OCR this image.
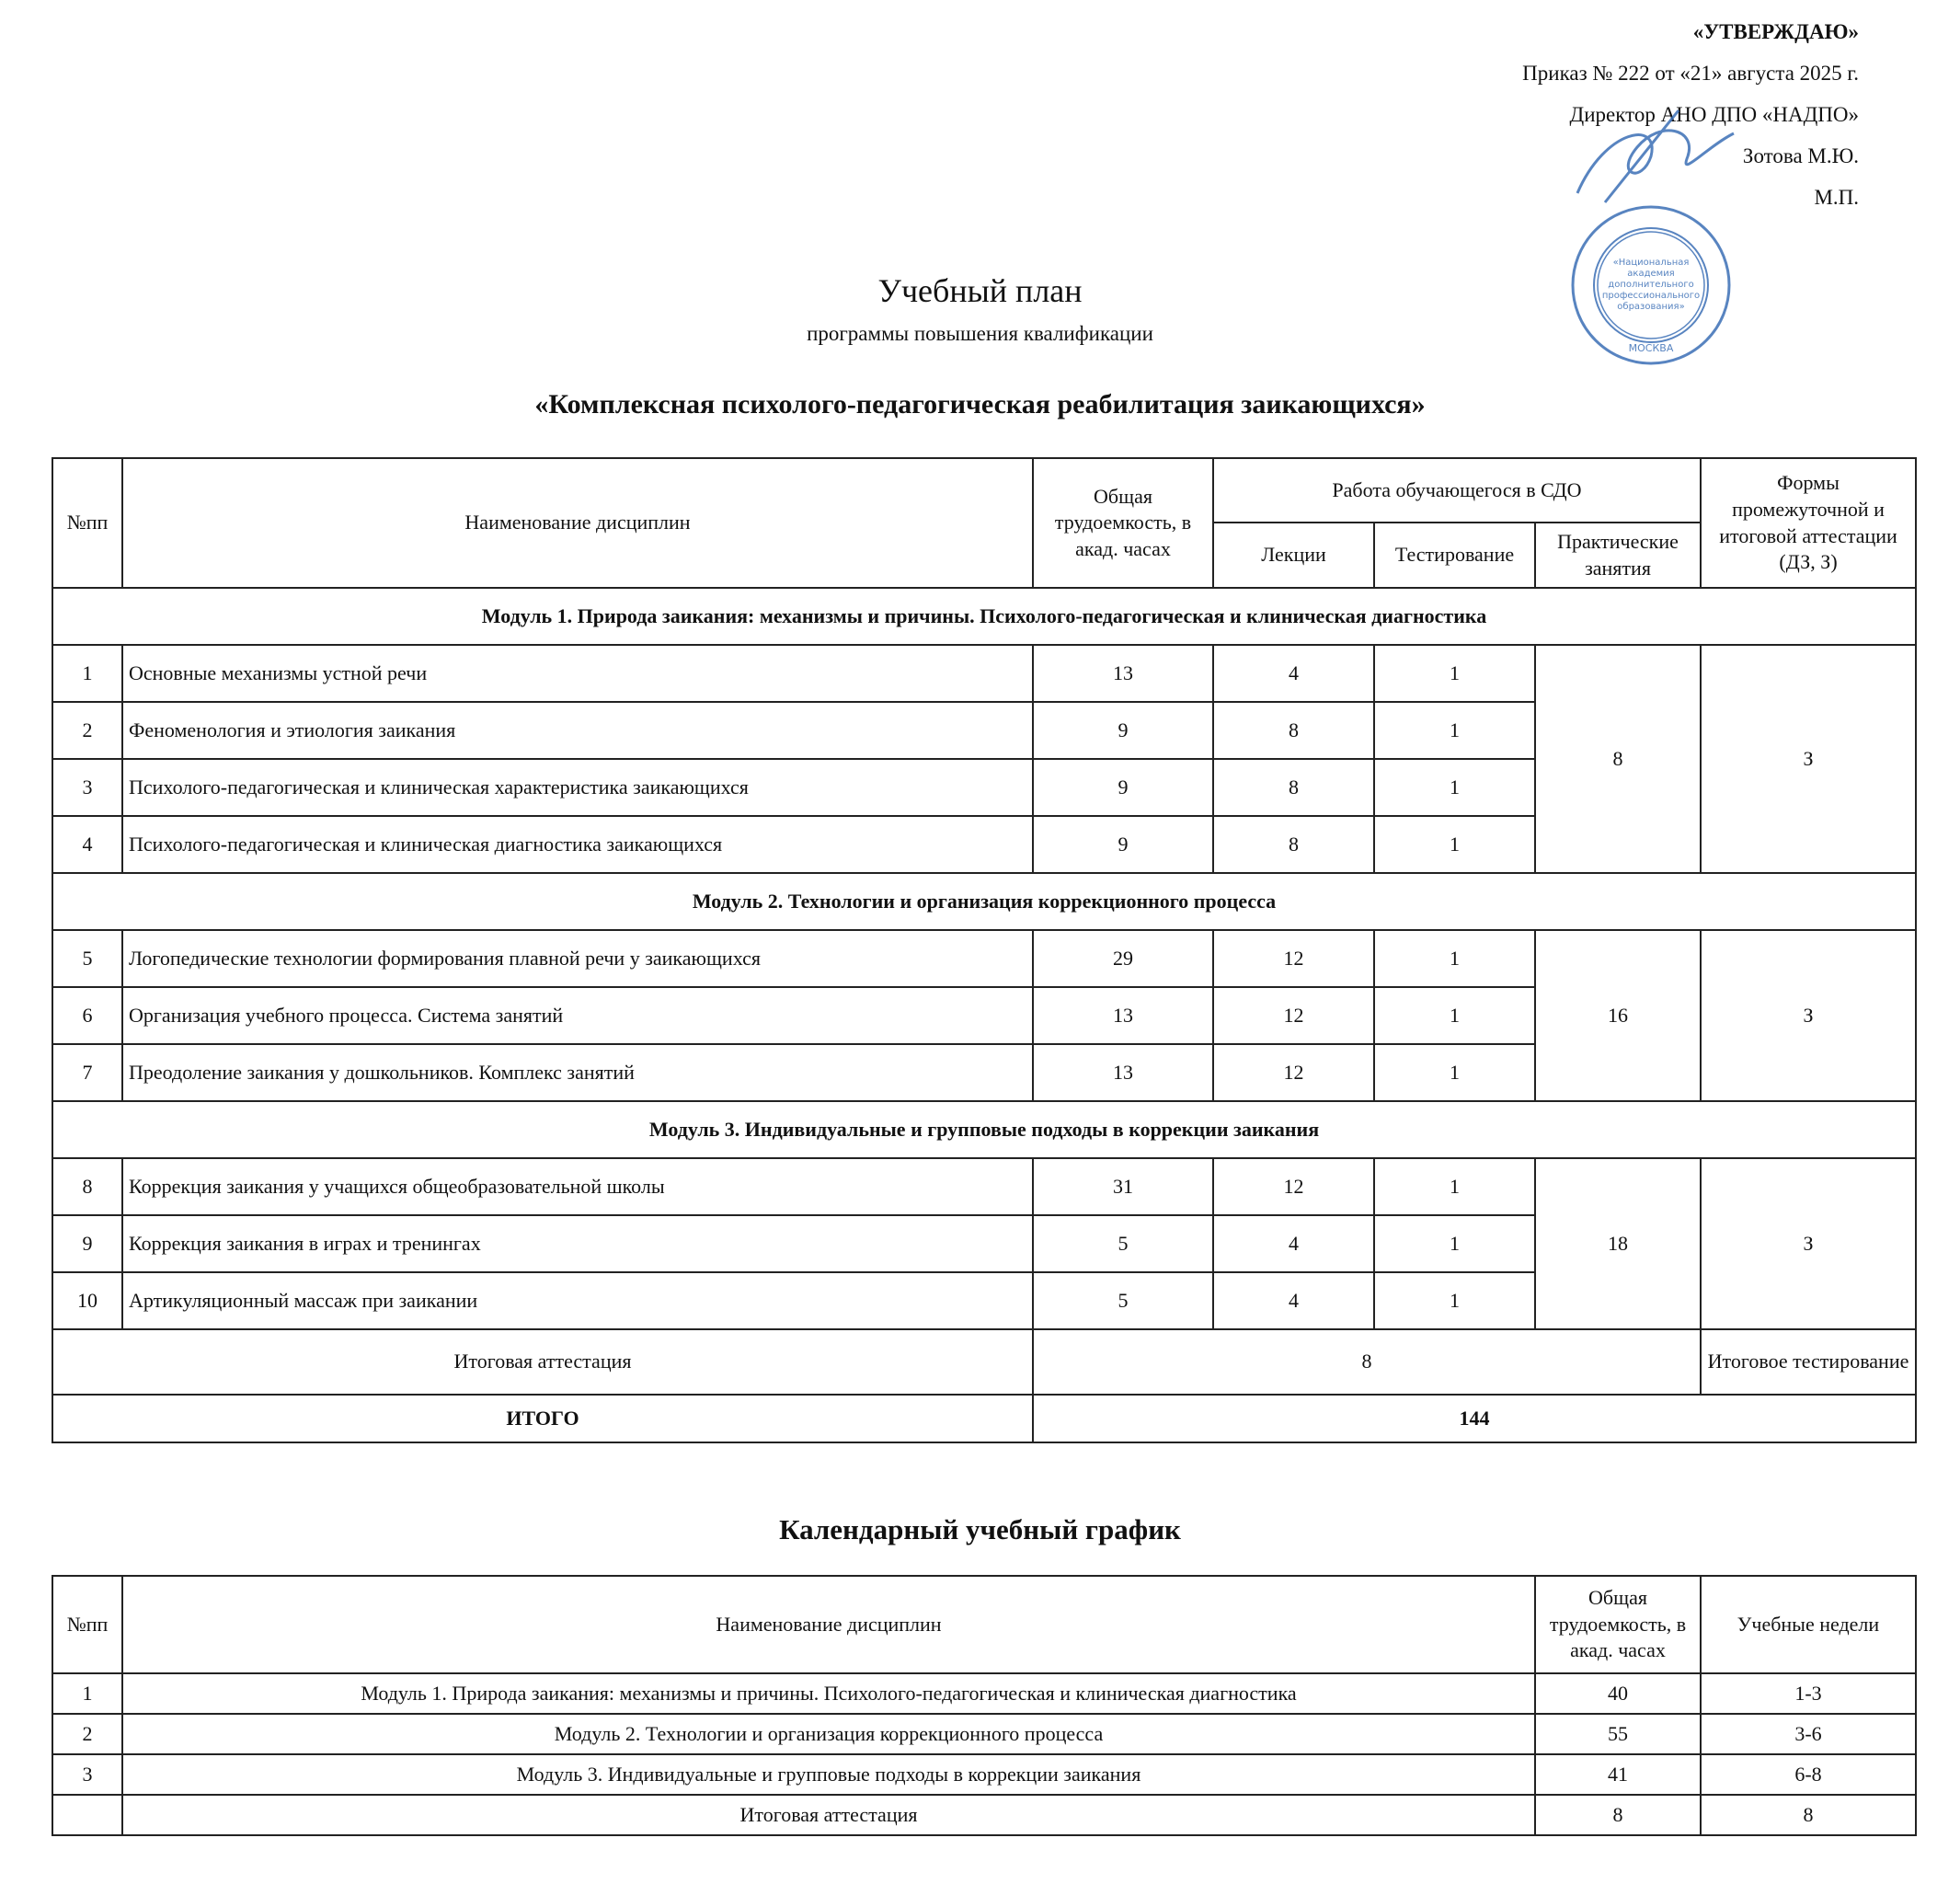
«УТВЕРЖДАЮ»
Приказ № 222 от «21» августа 2025 г.
Директор АНО ДПО «НАДПО»
Зотова М.Ю.
М.П.
«Национальная
академия
дополнительного
профессионального
образования»
МОСКВА
Учебный план
программы повышения квалификации
«Комплексная психолого-педагогическая реабилитация заикающихся»
№пп	Наименование дисциплин	Общая трудоемкость, в акад. часах	Работа обучающегося в СДО			Формы промежуточной и итоговой аттестации (ДЗ, З)
			Лекции	Тестирование	Практические занятия	
Модуль 1. Природа заикания: механизмы и причины. Психолого-педагогическая и клиническая диагностика						
1	Основные механизмы устной речи	13	4	1	8	З
2	Феноменология и этиология заикания	9	8	1		
3	Психолого-педагогическая и клиническая характеристика заикающихся	9	8	1		
4	Психолого-педагогическая и клиническая диагностика заикающихся	9	8	1		
Модуль 2. Технологии и организация коррекционного процесса						
5	Логопедические технологии формирования плавной речи у заикающихся	29	12	1	16	З
6	Организация учебного процесса. Система занятий	13	12	1		
7	Преодоление заикания у дошкольников. Комплекс занятий	13	12	1		
Модуль 3. Индивидуальные и групповые подходы в коррекции заикания						
8	Коррекция заикания у учащихся общеобразовательной школы	31	12	1	18	З
9	Коррекция заикания в играх и тренингах	5	4	1		
10	Артикуляционный массаж при заикании	5	4	1		
Итоговая аттестация		8				Итоговое тестирование
ИТОГО		144				
Календарный учебный график
№пп	Наименование дисциплин	Общая трудоемкость, в акад. часах	Учебные недели
1	Модуль 1. Природа заикания: механизмы и причины. Психолого-педагогическая и клиническая диагностика	40	1-3
2	Модуль 2. Технологии и организация коррекционного процесса	55	3-6
3	Модуль 3. Индивидуальные и групповые подходы в коррекции заикания	41	6-8
	Итоговая аттестация	8	8
